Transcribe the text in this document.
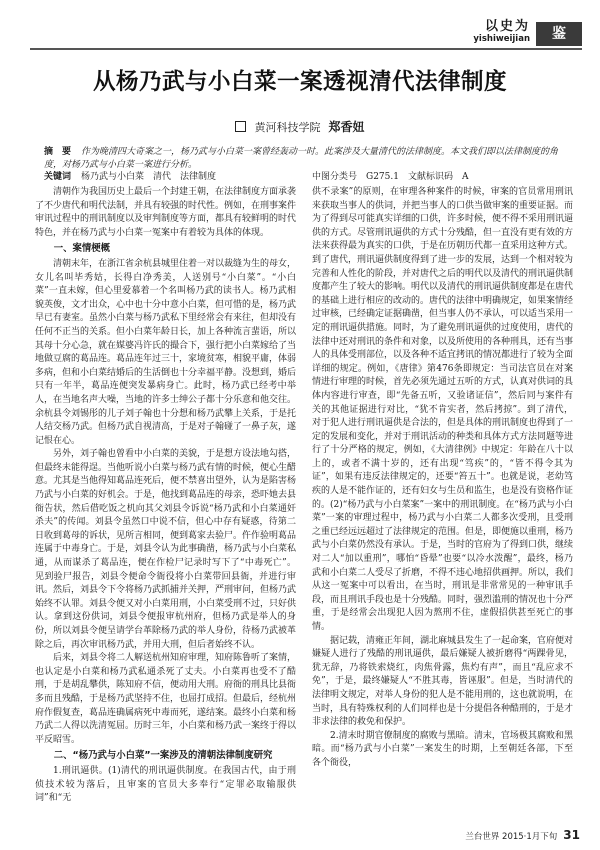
以史为
yishiweijian	鉴
从杨乃武与小白菜一案透视清代法律制度
黄河科技学院 郑香妞
摘　要 作为晚清四大奇案之一，杨乃武与小白菜一案曾经轰动一时。此案涉及大量清代的法律制度。本文我们即以法律制度的角度，对杨乃武与小白菜一案进行分析。
关键词 杨乃武与小白菜　清代　法律制度	中图分类号　G275.1　文献标识码　A

清朝作为我国历史上最后一个封建王朝，在法律制度方面承袭了不少唐代和明代法制，并具有较强的时代性。例如，在刑事案件审讯过程中的刑讯制度以及审判制度等方面，都具有较鲜明的时代特色，并在杨乃武与小白菜一冤案中有着较为具体的体现。

一、案情梗概

清朝末年，在浙江省余杭县城里住着一对以裁缝为生的母女，女儿名叫毕秀姑，长得白净秀美，人送别号“小白菜”。“小白菜”一直未嫁，但心里爱慕着一个名叫杨乃武的读书人。杨乃武相貌英俊，文才出众，心中也十分中意小白菜，但可惜的是，杨乃武早已有妻室。虽然小白菜与杨乃武私下里经常会有来往，但却没有任何不正当的关系。但小白菜年龄日长，加上各种流言蜚语，所以其母十分心急，就在媒婆冯许氏的撮合下，强行把小白菜嫁给了当地做豆腐的葛品连。葛品连年过三十，家境贫寒，相貌平庸，体弱多病，但和小白菜结婚后的生活倒也十分幸福平静。没想到，婚后只有一年半，葛品连便突发暴病身亡。此时，杨乃武已经考中举人，在当地名声大噪，当地的许多士绅公子都十分乐意和他交往。余杭县令刘锡彤的儿子刘子翰也十分想和杨乃武攀上关系，于是托人结交杨乃武。但杨乃武自视清高，于是对子翰碰了一鼻子灰，遂记恨在心。

另外，刘子翰也曾看中小白菜的美貌，于是想方设法地勾搭，但最终未能得逞。当他听说小白菜与杨乃武有情的时候，便心生醋意。尤其是当他得知葛品连死后，便不禁喜出望外，认为是陷害杨乃武与小白菜的好机会。于是，他找到葛品连的母亲，恐吓她去县衙告状，然后借吃饭之机向其父刘县令诉说“杨乃武和小白菜通奸杀夫”的传闻。刘县令虽然口中说不信，但心中存有疑惑，待第二日收到葛母的诉状，见所言相同，便到葛家去验尸。仵作验明葛品连属于中毒身亡。于是，刘县令认为此事确凿，杨乃武与小白菜私通，从而谋杀了葛品连，便在作检尸记录时写下了“中毒死亡”。见到验尸报告，刘县令便命令衙役将小白菜带回县衙，并进行审讯。然后，刘县令下令将杨乃武抓捕并关押，严刑审问，但杨乃武始终不认罪。刘县令便又对小白菜用刑，小白菜受刑不过，只好供认。拿到这份供词，刘县令便报审杭州府，但杨乃武是举人的身份，所以刘县令便呈请学台革除杨乃武的举人身份，待杨乃武被革除之后，再次审讯杨乃武，并用大刑，但后者始终不认。

后来，刘县令将二人解送杭州知府审理，知府陈鲁听了案情，也认定是小白菜和杨乃武私通杀死了丈夫。小白菜再也受不了酷刑，于是胡乱攀供，陈知府不信，便动用大刑。府衙的刑具比县衙多而且残酷，于是杨乃武坚持不住，也屈打成招。但最后，经杭州府作假复查，葛品连确属病死中毒而死，遂结案。最终小白菜和杨乃武二人得以洗清冤屈。历时三年，小白菜和杨乃武一案终于得以平反昭雪。

二、“杨乃武与小白菜”一案涉及的清朝法律制度研究

1.刑讯逼供。(1)清代的刑讯逼供制度。在我国古代，由于刑侦技术较为落后，且审案的官员大多奉行“定罪必取输服供词”和“无

供不录案”的原则，在审理各种案件的时候，审案的官员常用刑讯来获取当事人的供词，并把当事人的口供当做审案的重要证据。而为了得到尽可能真实详细的口供，许多时候，便不得不采用刑讯逼供的方式。尽管刑讯逼供的方式十分残酷，但一直没有更有效的方法来获得最为真实的口供，于是在历朝历代都一直采用这种方式。到了唐代，刑讯逼供制度得到了进一步的发展，达到一个相对较为完善和人性化的阶段，并对唐代之后的明代以及清代的刑讯逼供制度都产生了较大的影响。明代以及清代的刑讯逼供制度都是在唐代的基础上进行相应的改动的。唐代的法律中明确规定，如果案情经过审核，已经确定证据确凿，但当事人仍不承认，可以适当采用一定的刑讯逼供措施。同时，为了避免刑讯逼供的过度使用，唐代的法律中还对刑讯的条件和对象，以及所使用的各种刑具，还有当事人的具体受刑部位，以及各种不适宜拷讯的情况都进行了较为全面详细的规定。例如，《唐律》第476条即规定：当司法官员在对案情进行审理的时候，首先必须先通过五听的方式，认真对供词的具体内容进行审查，即“先备五听，又验诸证信”，然后同与案件有关的其他证据进行对比，“犹不肯实者，然后拷掠”。到了清代，对于犯人进行刑讯逼供是合法的，但是具体的刑讯制度也得到了一定的发展和变化，并对于刑讯活动的种类和具体方式方法同题等进行了十分严格的规定，例如，《大清律例》中规定：年龄在八十以上的，或者不满十岁的，还有出现“笃疾”的，“皆不得令其为证”，如果有违反法律规定的，还要“笞五十”。也就是说，老幼笃疾的人是不能作证的，还有妇女与生员和监生，也是没有资格作证的。(2)“杨乃武与小白菜案”一案中的刑讯制度。在“杨乃武与小白菜”一案的审理过程中，杨乃武与小白菜二人都多次受刑，且受刑之重已经远远超过了法律规定的范围。但是，即便施以重刑，杨乃武与小白菜仍然没有承认。于是，当时的官府为了得到口供，继续对二人“加以重刑”，哪怕“昏晕”也要“以冷水泼醒”，最终，杨乃武和小白菜二人受尽了折磨，不得不违心地招供画押。所以，我们从这一冤案中可以看出，在当时，刑讯是非常常见的一种审讯手段，而且刑讯手段也是十分残酷。同时，强烈滥刑的情况也十分严重，于是经常会出现犯人因为熬刑不住，虚假招供甚至死亡的事情。

据记载，清雍正年间，湖北麻城县发生了一起命案，官府便对嫌疑人进行了残酷的刑讯逼供，最后嫌疑人被折磨得“两踝骨见，犹无辞，乃将铁索烧红，肉焦骨露，焦灼有声”，而且“乱应求不免”，于是，最终嫌疑人“不胜其毒，皆诬服”。但是，当时清代的法律明文规定，对举人身份的犯人是不能用刑的，这也就说明，在当时，具有特殊权利的人们同样也是十分提倡各种酷刑的，于是才非求法律的救免和保护。

2.清末时期官僚制度的腐败与黑暗。清末，官场极其腐败和黑暗。而“杨乃武与小白菜”一案发生的时期，上至朝廷各部，下至各个衙役，

兰台世界 2015·1月下旬 31
